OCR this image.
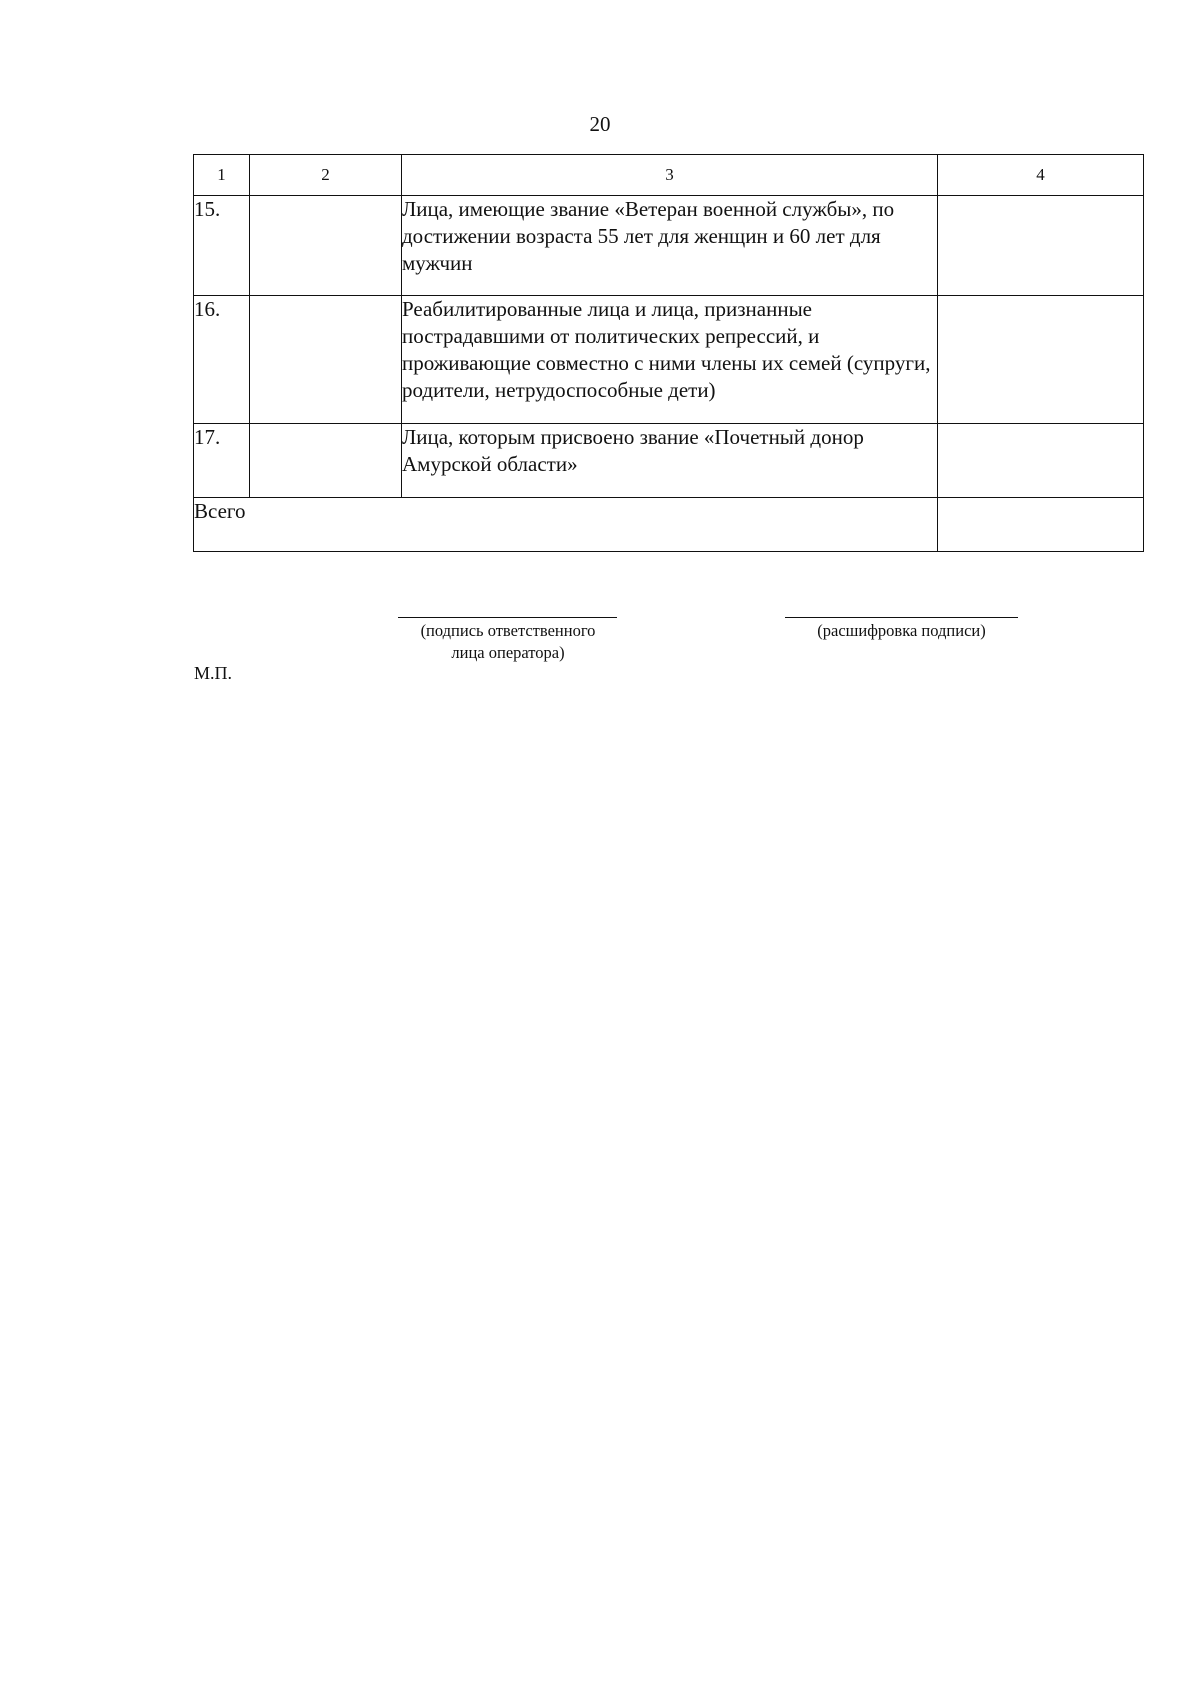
20
1	2	3	4
15.		Лица, имеющие звание «Ветеран военной службы», по достижении возраста 55 лет для женщин и 60 лет для мужчин	
16.		Реабилитированные лица и лица, признанные пострадавшими от политических репрессий, и проживающие совместно с ними члены их семей (супруги, родители, нетрудоспособные дети)	
17.		Лица, которым присвоено звание «Почетный донор Амурской области»	
Всего			
(подпись ответственного
лица оператора)
(расшифровка подписи)
М.П.
